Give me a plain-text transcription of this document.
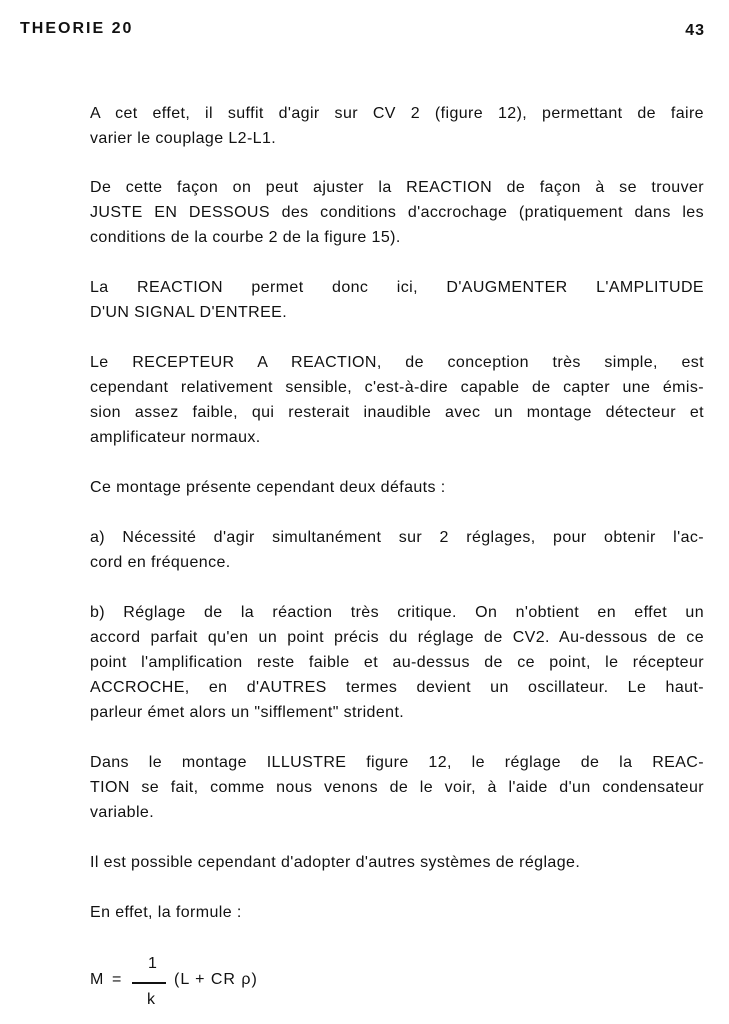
THEORIE 20	43

A cet effet, il suffit d'agir sur CV 2 (figure 12), permettant de faire
varier le couplage L2-L1.

De cette façon on peut ajuster la REACTION de façon à se trouver
JUSTE EN DESSOUS des conditions d'accrochage (pratiquement dans les
conditions de la courbe 2 de la figure 15).

La REACTION permet donc ici, D'AUGMENTER L'AMPLITUDE
D'UN SIGNAL D'ENTREE.

Le RECEPTEUR A REACTION, de conception très simple, est
cependant relativement sensible, c'est-à-dire capable de capter une émis-
sion assez faible, qui resterait inaudible avec un montage détecteur et
amplificateur normaux.

Ce montage présente cependant deux défauts :

a) Nécessité d'agir simultanément sur 2 réglages, pour obtenir l'ac-
cord en fréquence.

b) Réglage de la réaction très critique. On n'obtient en effet un
accord parfait qu'en un point précis du réglage de CV2. Au-dessous de ce
point l'amplification reste faible et au-dessus de ce point, le récepteur
ACCROCHE, en d'AUTRES termes devient un oscillateur. Le haut-
parleur émet alors un "sifflement" strident.

Dans le montage ILLUSTRE figure 12, le réglage de la REAC-
TION se fait, comme nous venons de le voir, à l'aide d'un condensateur
variable.

Il est possible cependant d'adopter d'autres systèmes de réglage.

En effet, la formule :

M =
1
k
(L + CR ρ)
